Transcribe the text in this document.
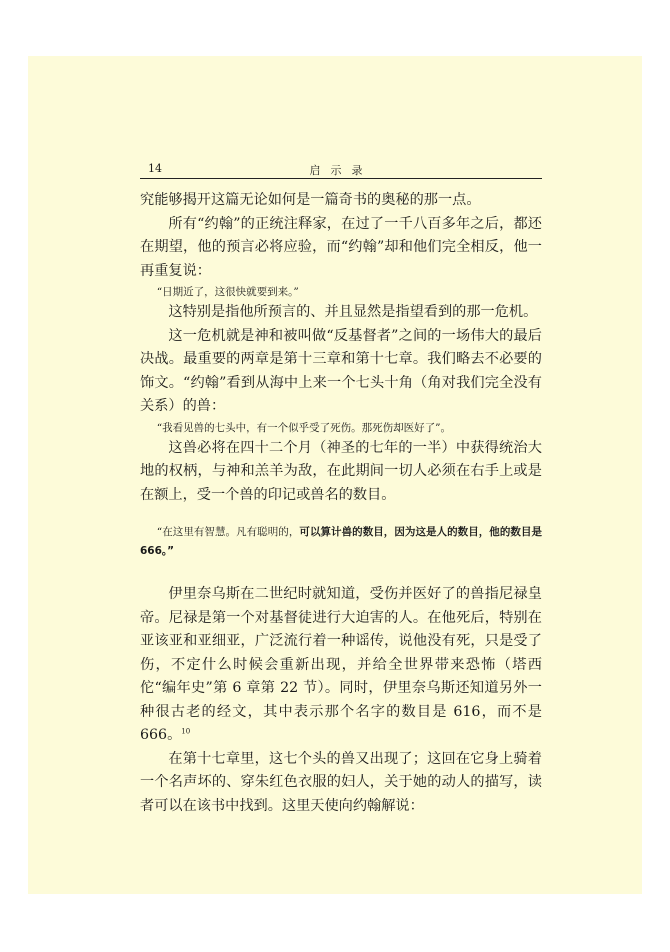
14	启示录

究能够揭开这篇无论如何是一篇奇书的奥秘的那一点。

所有“约翰”的正统注释家，在过了一千八百多年之后，都还在期望，他的预言必将应验，而“约翰”却和他们完全相反，他一再重复说：

“日期近了，这很快就要到来。”

这特别是指他所预言的、并且显然是指望看到的那一危机。

这一危机就是神和被叫做“反基督者”之间的一场伟大的最后决战。最重要的两章是第十三章和第十七章。我们略去不必要的饰文。“约翰”看到从海中上来一个七头十角（角对我们完全没有关系）的兽：

“我看见兽的七头中，有一个似乎受了死伤。那死伤却医好了”。

这兽必将在四十二个月（神圣的七年的一半）中获得统治大地的权柄，与神和羔羊为敌，在此期间一切人必须在右手上或是在额上，受一个兽的印记或兽名的数目。

“在这里有智慧。凡有聪明的，可以算计兽的数目，因为这是人的数目，他的数目是 666。”

伊里奈乌斯在二世纪时就知道，受伤并医好了的兽指尼禄皇帝。尼禄是第一个对基督徒进行大迫害的人。在他死后，特别在亚该亚和亚细亚，广泛流行着一种谣传，说他没有死，只是受了伤，不定什么时候会重新出现，并给全世界带来恐怖（塔西佗“编年史”第 6 章第 22 节）。同时，伊里奈乌斯还知道另外一种很古老的经文，其中表示那个名字的数目是 616，而不是 666。$^{10}$

在第十七章里，这七个头的兽又出现了；这回在它身上骑着一个名声坏的、穿朱红色衣服的妇人，关于她的动人的描写，读者可以在该书中找到。这里天使向约翰解说：
